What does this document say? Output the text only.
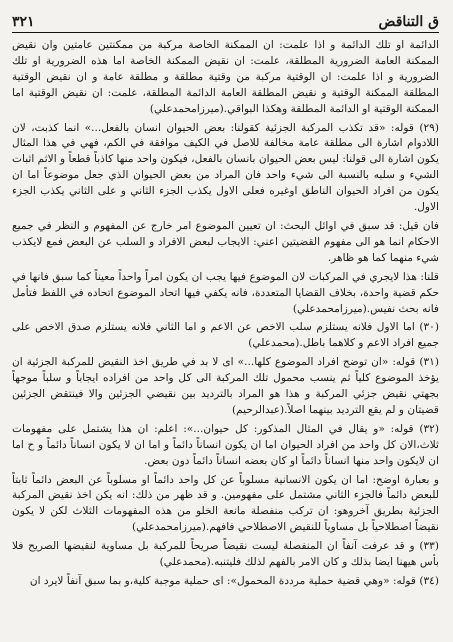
٣٢١	ق التناقض

الدائمة او تلك الدائمة و اذا علمت: ان الممكنة الخاصة مركبة من ممكنتين عامتين وان نقيض الممكنة العامة الضرورية المطلقة، علمت: ان نقيض الممكنة الخاصة اما هذه الضرورية او تلك الضرورية و اذا علمت: ان الوقتية مركبة من وقتية مطلقة و مطلقة عامة و ان نقيض الوقتية المطلقة الممكنة الوقتية و نقيض المطلقة العامة الدائمة المطلقة، علمت: ان نقيض الوقتية اما الممكنة الوقتية او الدائمة المطلقة وهكذا البواقي.(ميرزامحمدعلي)

(٢٩) قوله: «قد تكذب المركبة الجزئية كقولنا: بعض الحيوان انسان بالفعل...» انما كذبت، لان اللادوام اشارة الى مطلقة عامة مخالفة للاصل في الكيف موافقة في الكم، فهي في هذا المثال يكون اشارة الى قولنا: ليس بعض الحيوان بانسان بالفعل، فيكون واحد منها كاذباً قطعاً و الاثم اثبات الشيء و سلبه بالنسبة الى شيء واحد فان المراد من بعض الحيوان الذي جعل موضوعاً اما ان يكون من افراد الحيوان الناطق اوغيره فعلى الاول يكذب الجزء الثاني و على الثاني يكذب الجزء الاول.

فان قيل: قد سبق في اوائل البحث: ان تعيين الموضوع امر خارج عن المفهوم و النظر في جميع الاحكام انما هو الى مفهوم القضيتين اعني: الايجاب لبعض الافراد و السلب عن البعض فمع لايكذب شيء منهما كما هو ظاهر.

قلنا: هذا لايجري في المركبات لان الموضوع فيها يجب ان يكون امراً واحداً معيناً كما سبق فانها في حكم قضية واحدة، بخلاف القضايا المتعددة، فانه يكفي فيها اتحاد الموضوع اتحاده في اللفظ فتأمل فانه بحث نفيس.(ميرزامحمدعلي)

(٣٠) اما الاول فلانه يستلزم سلب الاخص عن الاعم و اما الثاني فلانه يستلزم صدق الاخص على جميع افراد الاعم و كلاهما باطل.(محمدعلي)

(٣١) قوله: «ان توضح افراد الموضوع كلها...» اى لا بد في طريق اخذ النقيض للمركبة الجزئية ان يؤخذ الموضوع كلياً ثم ينسب محمول تلك المركبة الى كل واحد من افراده ايجاباً و سلباً موجهاً بجهتي نقيض جزئي المركبة و هذا هو المراد بالترديد بين نقيضي الجزئين والا فينتقض الجزئين قضيتان و لم يقع الترديد بينهما اصلاً.(عبدالرحيم)

(٣٢) قوله: «و يقال في المثال المذكور: كل حيوان...»: اعلم: ان هذا يشتمل على مفهومات ثلاث،الان كل واحد من افراد الحيوان اما ان يكون انساناً دائماً و اما ان لا يكون انساناً دائماً و ح اما ان لايكون واحد منها انساناً دائماً او كان بعضه انساناً دائماً دون بعض.

و بعبارة اوضح: اما ان يكون الانسانية مسلوباً عن كل واحد دائماً او مسلوباً عن البعض دائماً ثابتاً للبعض دائماً فالجزء الثاني مشتمل على مفهومين. و قد ظهر من ذلك: انه يكن اخذ نقيض المركبة الجزئية بطريق آخروهو: ان تركب منفصلة مانعة الخلو من هذه المفهومات الثلاث لكن لا يكون نقيضاً اصطلاحياً بل مساوياً للنقيض الاصطلاحي فافهم.(ميرزامحمدعلي)

(٣٣) و قد عرفت آنفاً ان المنفصلة ليست نقيضاً صريحاً للمركبة بل مساوية لنقيضها الصريح فلا بأس هيهنا ايضا بذلك و كان الامر بالفهم لذلك فليتنبه.(محمدعلي)

(٣٤) قوله: «وهي قضية حملية مرددة المحمول»: اى حملية موجبة كلية،و بما سبق آنفاً لايرد ان
